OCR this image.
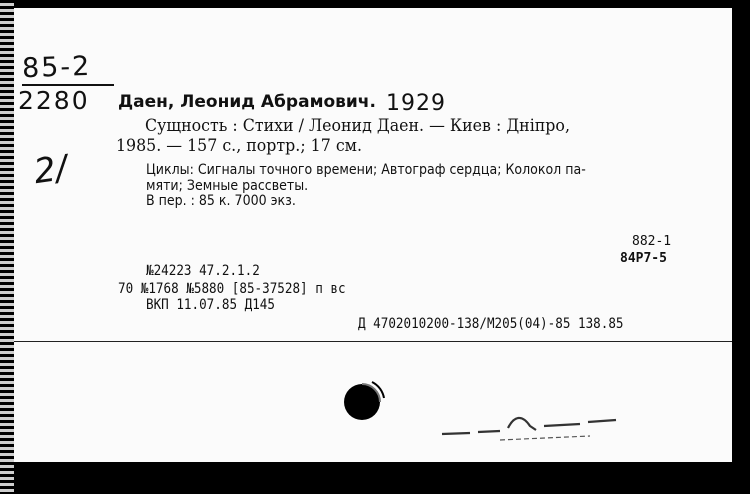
85-2
2280	1929
2/
Даен, Леонид Абрамович.
Сущность : Стихи / Леонид Даен. — Киев : Дніпро,
1985. — 157 с., портр.; 17 см.
Циклы: Сигналы точного времени; Автограф сердца; Колокол па-
мяти; Земные рассветы.
В пер. : 85 к. 7000 экз.
882-1
84Р7-5
№24223 47.2.1.2
70 №1768 №5880 [85-37528] п вс
ВКП 11.07.85 Д145
Д 4702010200-138/М205(04)-85 138.85
